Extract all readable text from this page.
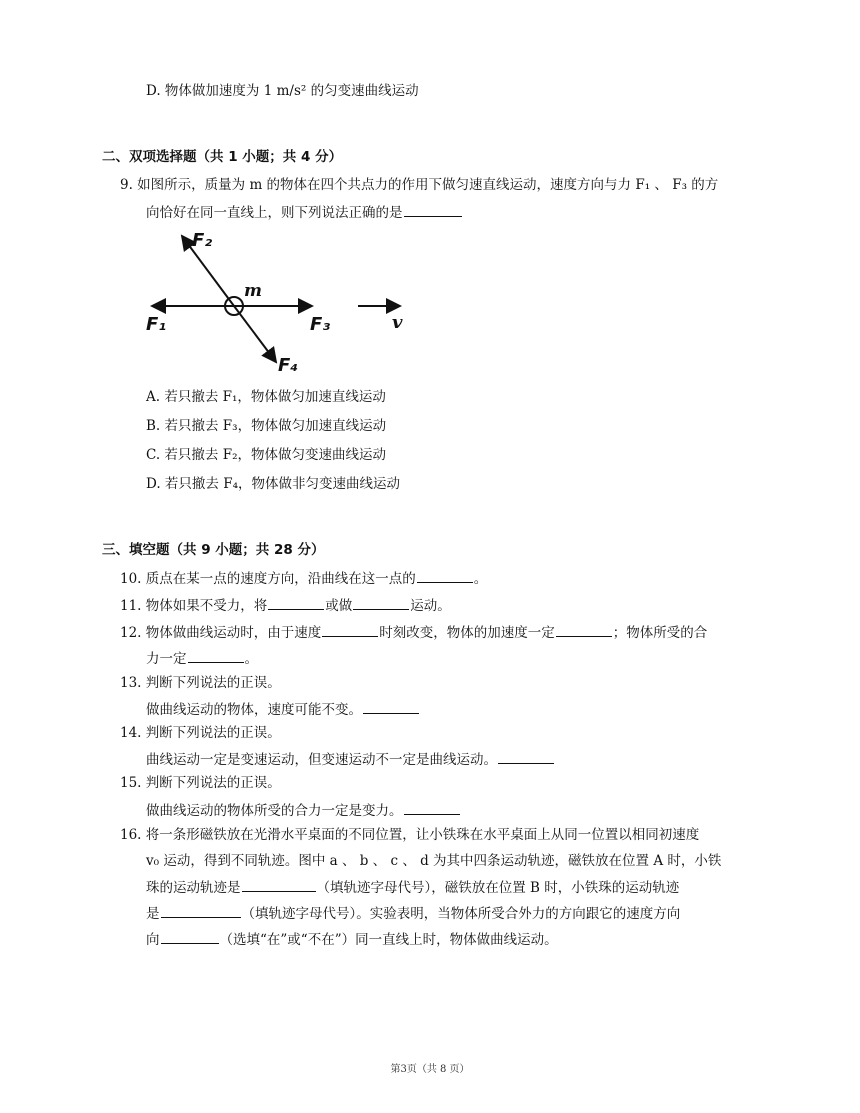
D. 物体做加速度为 1 m/s² 的匀变速曲线运动
二、双项选择题（共 1 小题；共 4 分）
9. 如图所示，质量为 m 的物体在四个共点力的作用下做匀速直线运动，速度方向与力 F₁ 、 F₃ 的方
向恰好在同一直线上，则下列说法正确的是
F₂
m
F₁	F₃
F₄
v
A. 若只撤去 F₁，物体做匀加速直线运动
B. 若只撤去 F₃，物体做匀加速直线运动
C. 若只撤去 F₂，物体做匀变速曲线运动
D. 若只撤去 F₄，物体做非匀变速曲线运动
三、填空题（共 9 小题；共 28 分）
10. 质点在某一点的速度方向，沿曲线在这一点的	。
11. 物体如果不受力，将	或做	运动。
12. 物体做曲线运动时，由于速度	时刻改变，物体的加速度一定	；物体所受的合
力一定	。
13. 判断下列说法的正误。
做曲线运动的物体，速度可能不变。
14. 判断下列说法的正误。
曲线运动一定是变速运动，但变速运动不一定是曲线运动。
15. 判断下列说法的正误。
做曲线运动的物体所受的合力一定是变力。
16. 将一条形磁铁放在光滑水平桌面的不同位置，让小铁珠在水平桌面上从同一位置以相同初速度
v₀ 运动，得到不同轨迹。图中 a 、 b 、 c 、 d 为其中四条运动轨迹，磁铁放在位置 A 时，小铁
珠的运动轨迹是	（填轨迹字母代号），磁铁放在位置 B 时，小铁珠的运动轨迹
是	（填轨迹字母代号）。实验表明，当物体所受合外力的方向跟它的速度方向
向	（选填“在”或“不在”）同一直线上时，物体做曲线运动。
第3页（共 8 页）
